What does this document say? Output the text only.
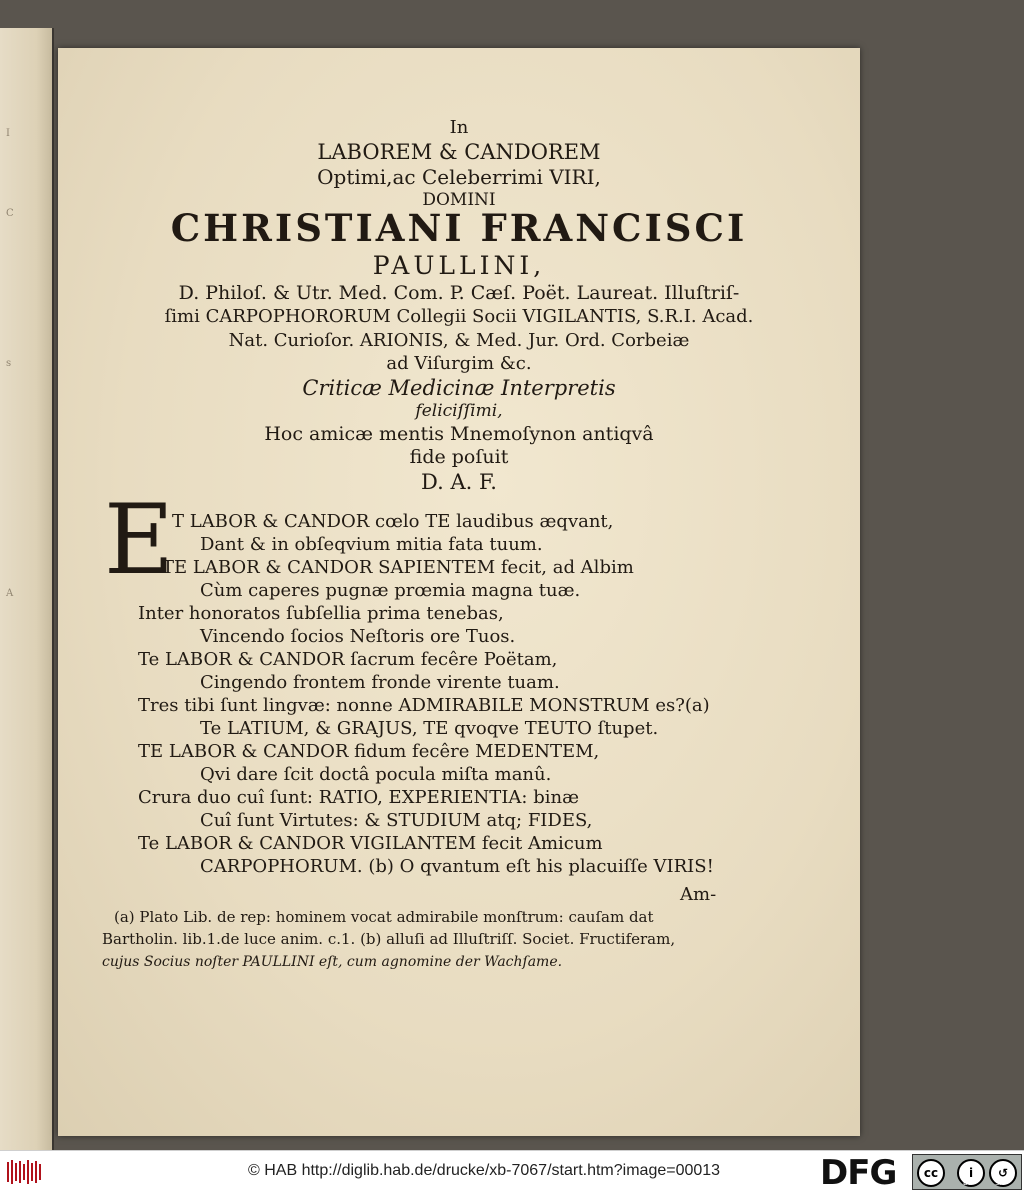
I
C
s
A
In
LABOREM & CANDOREM
Optimi,ac Celeberrimi VIRI,
DOMINI
CHRISTIANI FRANCISCI
PAULLINI,
D. Philoſ. & Utr. Med. Com. P. Cæſ. Poët. Laureat. Illuſtriſ-
ſimi CARPOPHORORUM Collegii Socii VIGILANTIS, S.R.I. Acad.
Nat. Curioſor. ARIONIS, & Med. Jur. Ord. Corbeiæ
ad Viſurgim &c.
Criticæ Medicinæ Interpretis
feliciſſimi,
Hoc amicæ mentis Mnemoſynon antiqvâ
fide poſuit
D. A. F.
E
T LABOR & CANDOR cœlo TE laudibus æqvant,
Dant & in obſeqvium mitia fata tuum.
TE LABOR & CANDOR SAPIENTEM fecit, ad Albim
Cùm caperes pugnæ prœmia magna tuæ.
Inter honoratos ſubſellia prima tenebas,
Vincendo ſocios Neſtoris ore Tuos.
Te LABOR & CANDOR ſacrum fecêre Poëtam,
Cingendo frontem fronde virente tuam.
Tres tibi ſunt lingvæ: nonne ADMIRABILE MONSTRUM es?(a)
Te LATIUM, & GRAJUS, TE qvoqve TEUTO ſtupet.
TE LABOR & CANDOR fidum fecêre MEDENTEM,
Qvi dare ſcit doctâ pocula miſta manû.
Crura duo cuî ſunt: RATIO, EXPERIENTIA: binæ
Cuî ſunt Virtutes: & STUDIUM atq; FIDES,
Te LABOR & CANDOR VIGILANTEM fecit Amicum
CARPOPHORUM. (b) O qvantum eſt his placuiſſe VIRIS!
Am-
(a) Plato Lib. de rep: hominem vocat admirabile monſtrum: cauſam dat
Bartholin. lib.1.de luce anim. c.1. (b) alluſi ad Illuſtriſſ. Societ. Fructiferam,
cujus Socius noſter PAULLINI eſt, cum agnomine der Wachſame.
© HAB http://diglib.hab.de/drucke/xb-7067/start.htm?image=00013	DFG	cc	i	↺
BY	SA
